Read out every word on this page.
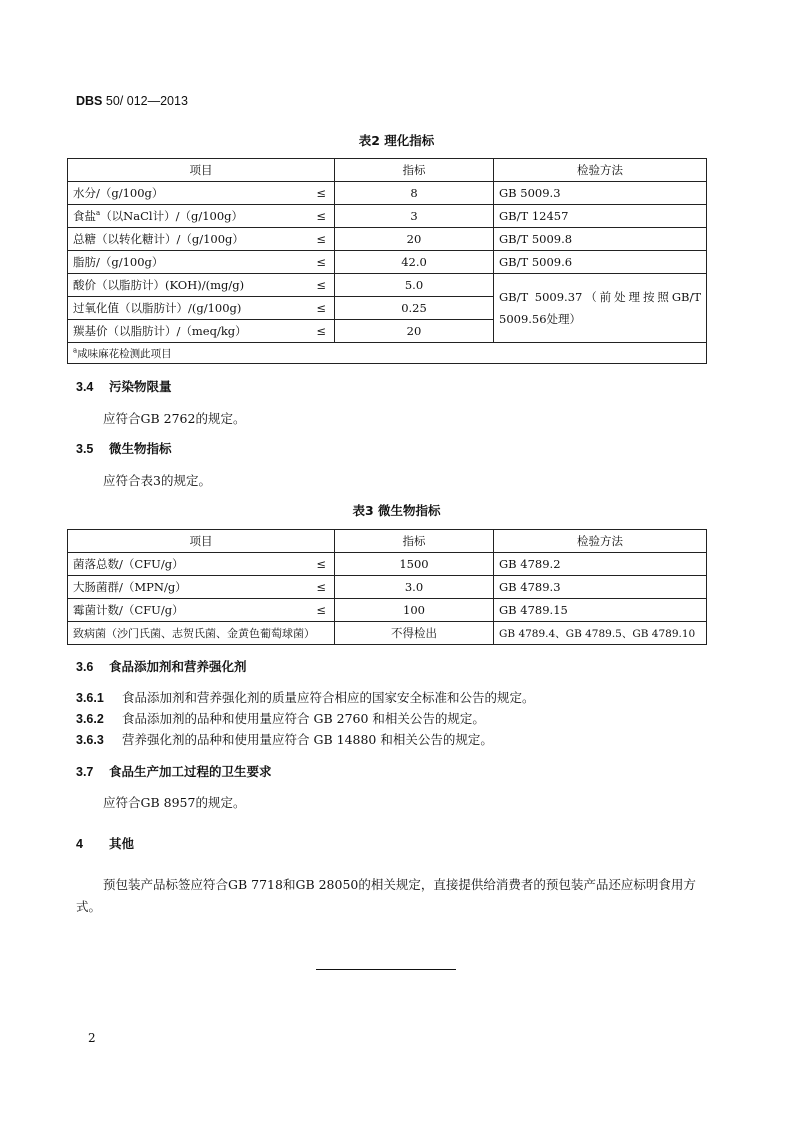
DBS 50/ 012—2013
表2 理化指标
项目		指标	检验方法
水分/（g/100g）	≤	8	GB 5009.3
食盐$^a$（以NaCl计）/（g/100g）	≤	3	GB/T 12457
总糖（以转化糖计）/（g/100g）	≤	20	GB/T 5009.8
脂肪/（g/100g）	≤	42.0	GB/T 5009.6
酸价（以脂肪计）(KOH)/(mg/g)	≤	5.0	GB/T 5009.37（前处理按照GB/T 5009.56处理）
过氧化值（以脂肪计）/(g/100g)	≤	0.25	
羰基价（以脂肪计）/（meq/kg）	≤	20	
$^a$咸味麻花检测此项目			
3.4 污染物限量
应符合GB 2762的规定。
3.5 微生物指标
应符合表3的规定。
表3 微生物指标
项目		指标	检验方法
菌落总数/（CFU/g）	≤	1500	GB 4789.2
大肠菌群/（MPN/g）	≤	3.0	GB 4789.3
霉菌计数/（CFU/g）	≤	100	GB 4789.15
致病菌（沙门氏菌、志贺氏菌、金黄色葡萄球菌）		不得检出	GB 4789.4、GB 4789.5、GB 4789.10
3.6 食品添加剂和营养强化剂
3.6.1 食品添加剂和营养强化剂的质量应符合相应的国家安全标准和公告的规定。
3.6.2 食品添加剂的品种和使用量应符合 GB 2760 和相关公告的规定。
3.6.3 营养强化剂的品种和使用量应符合 GB 14880 和相关公告的规定。
3.7 食品生产加工过程的卫生要求
应符合GB 8957的规定。
4 其他
预包装产品标签应符合GB 7718和GB 28050的相关规定，直接提供给消费者的预包装产品还应标明食用方式。
2
